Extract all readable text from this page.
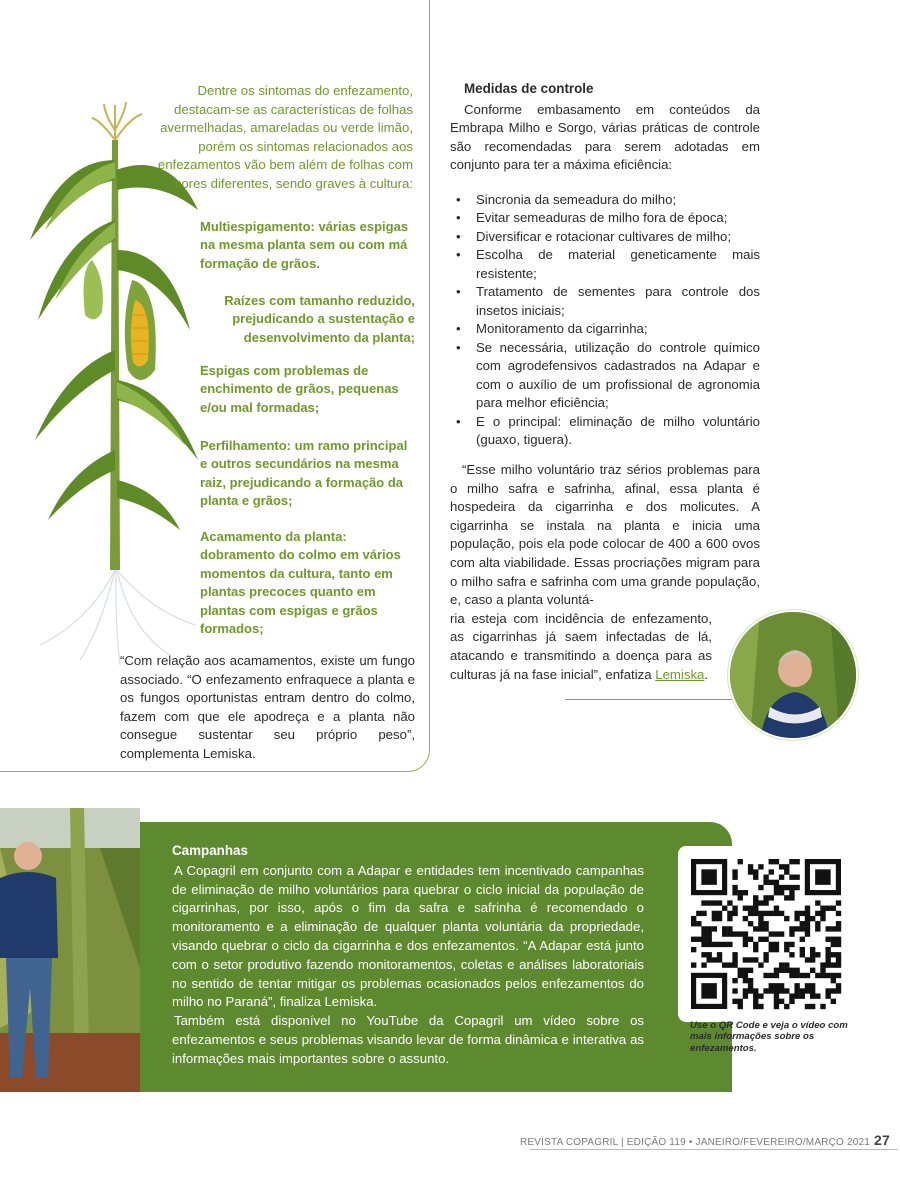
Dentre os sintomas do enfezamento, destacam-se as características de folhas avermelhadas, amareladas ou verde limão, porém os sintomas relacionados aos enfezamentos vão bem além de folhas com cores diferentes, sendo graves à cultura:
Multiespigamento: várias espigas na mesma planta sem ou com má formação de grãos.
Raízes com tamanho reduzido, prejudicando a sustentação e desenvolvimento da planta;
Espigas com problemas de enchimento de grãos, pequenas e/ou mal formadas;
Perfilhamento: um ramo principal e outros secundários na mesma raiz, prejudicando a formação da planta e grãos;
Acamamento da planta: dobramento do colmo em vários momentos da cultura, tanto em plantas precoces quanto em plantas com espigas e grãos formados;
“Com relação aos acamamentos, existe um fungo associado. “O enfezamento enfraquece a planta e os fungos oportunistas entram dentro do colmo, fazem com que ele apodreça e a planta não consegue sustentar seu próprio peso”, complementa Lemiska.
Medidas de controle

Conforme embasamento em conteúdos da Embrapa Milho e Sorgo, várias práticas de controle são recomendadas para serem adotadas em conjunto para ter a máxima eficiência:

• Sincronia da semeadura do milho;
• Evitar semeaduras de milho fora de época;
• Diversificar e rotacionar cultivares de milho;
• Escolha de material geneticamente mais resistente;
• Tratamento de sementes para controle dos insetos iniciais;
• Monitoramento da cigarrinha;
• Se necessária, utilização do controle químico com agrodefensivos cadastrados na Adapar e com o auxílio de um profissional de agronomia para melhor eficiência;
• E o principal: eliminação de milho voluntário (guaxo, tiguera).
“Esse milho voluntário traz sérios problemas para o milho safra e safrinha, afinal, essa planta é hospedeira da cigarrinha e dos molicutes. A cigarrinha se instala na planta e inicia uma população, pois ela pode colocar de 400 a 600 ovos com alta viabilidade. Essas procriações migram para o milho safra e safrinha com uma grande população, e, caso a planta voluntá-
ria esteja com incidência de enfezamento, as cigarrinhas já saem infectadas de lá, atacando e transmitindo a doença para as culturas já na fase inicial”, enfatiza Lemiska.
Campanhas

A Copagril em conjunto com a Adapar e entidades tem incentivado campanhas de eliminação de milho voluntários para quebrar o ciclo inicial da população de cigarrinhas, por isso, após o fim da safra e safrinha é recomendado o monitoramento e a eliminação de qualquer planta voluntária da propriedade, visando quebrar o ciclo da cigarrinha e dos enfezamentos. “A Adapar está junto com o setor produtivo fazendo monitoramentos, coletas e análises laboratoriais no sentido de tentar mitigar os problemas ocasionados pelos enfezamentos do milho no Paraná”, finaliza Lemiska.

Também está disponível no YouTube da Copagril um vídeo sobre os enfezamentos e seus problemas visando levar de forma dinâmica e interativa as informações mais importantes sobre o assunto.

Use o QR Code e veja o vídeo com mais informações sobre os enfezamentos.
REVISTA COPAGRIL | EDIÇÃO 119 • JANEIRO/FEVEREIRO/MARÇO 2021 27
